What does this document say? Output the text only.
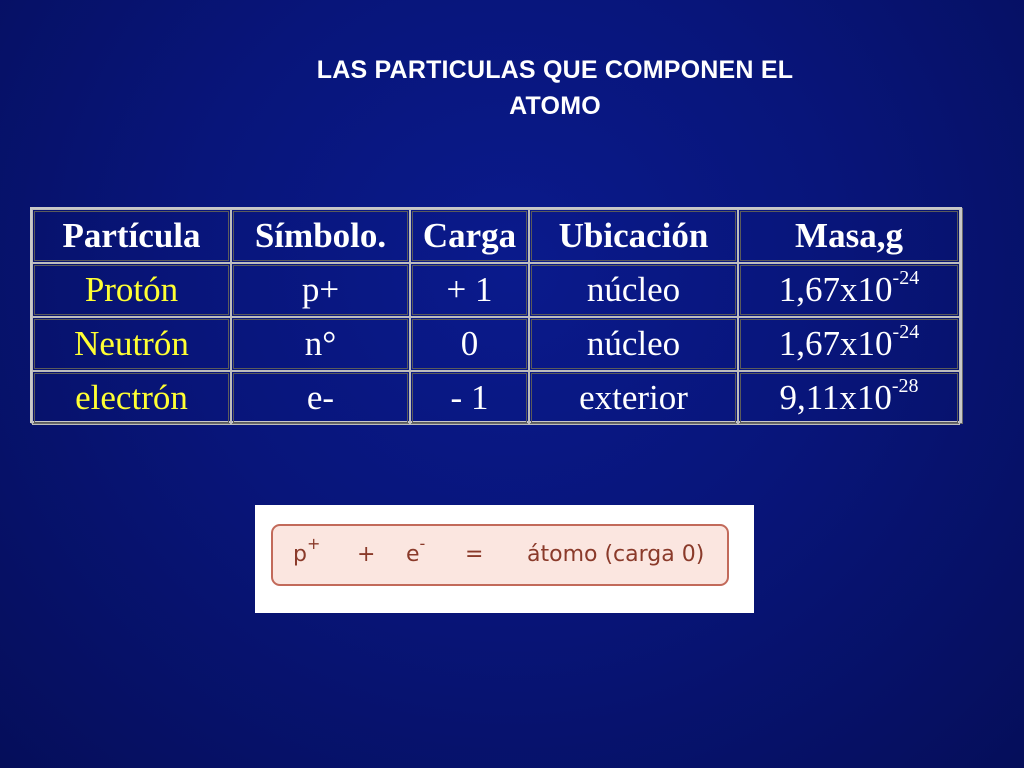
LAS PARTICULAS QUE COMPONEN EL
ATOMO
Partícula	Símbolo.	Carga	Ubicación	Masa,g
Protón	p+	+ 1	núcleo	$1,67x10^{-24}$
Neutrón	n°	0	núcleo	$1,67x10^{-24}$
electrón	e-	- 1	exterior	$9,11x10^{-28}$
p+ + e- = átomo (carga 0)
